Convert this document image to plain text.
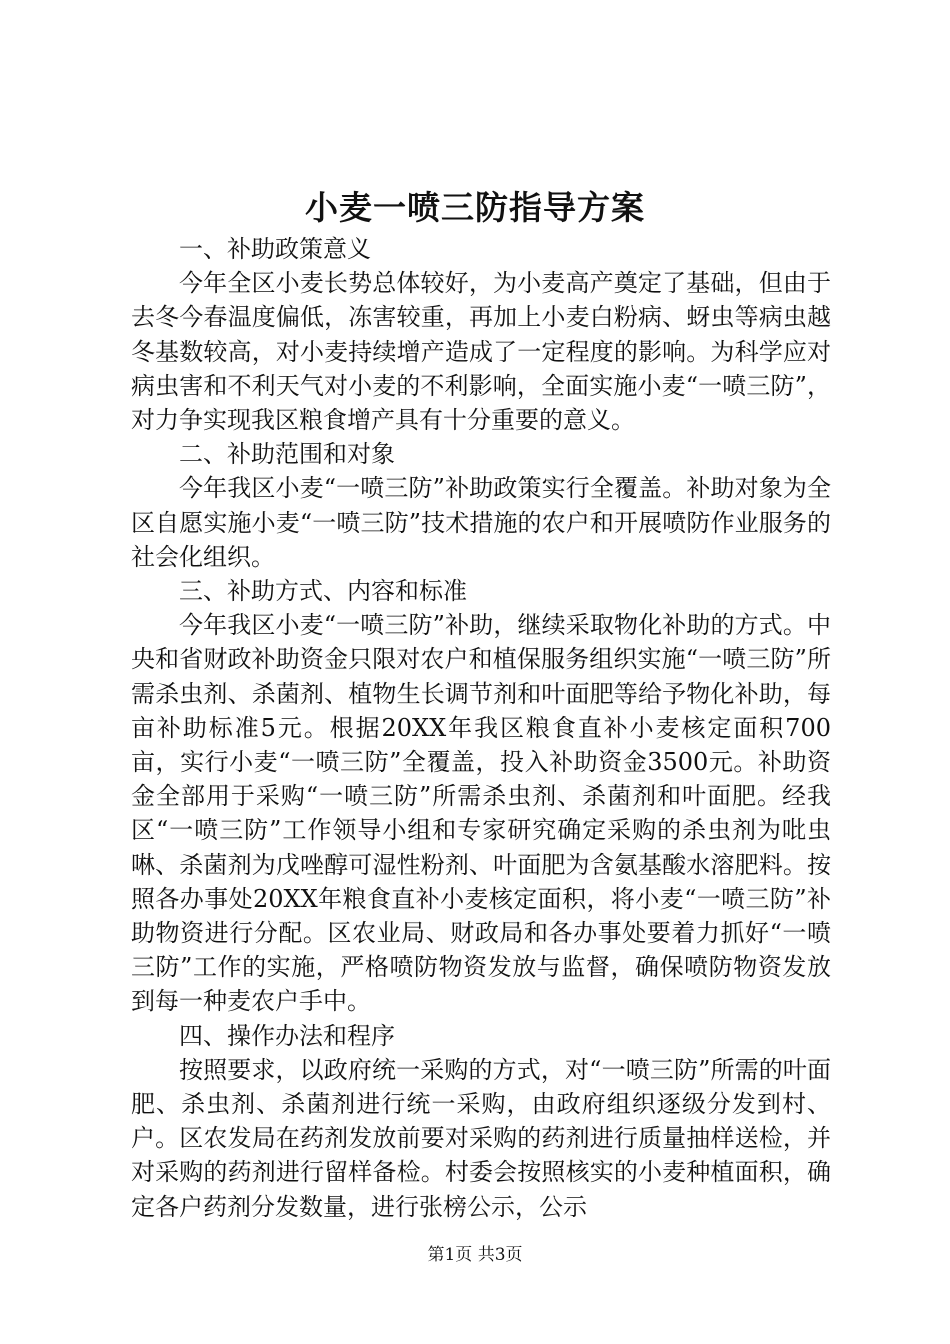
小麦一喷三防指导方案

一、补助政策意义

今年全区小麦长势总体较好，为小麦高产奠定了基础，但由于去冬今春温度偏低，冻害较重，再加上小麦白粉病、蚜虫等病虫越冬基数较高，对小麦持续增产造成了一定程度的影响。为科学应对病虫害和不利天气对小麦的不利影响，全面实施小麦“一喷三防”，对力争实现我区粮食增产具有十分重要的意义。

二、补助范围和对象

今年我区小麦“一喷三防”补助政策实行全覆盖。补助对象为全区自愿实施小麦“一喷三防”技术措施的农户和开展喷防作业服务的社会化组织。

三、补助方式、内容和标准

今年我区小麦“一喷三防”补助，继续采取物化补助的方式。中央和省财政补助资金只限对农户和植保服务组织实施“一喷三防”所需杀虫剂、杀菌剂、植物生长调节剂和叶面肥等给予物化补助，每亩补助标准5元。根据20XX年我区粮食直补小麦核定面积700亩，实行小麦“一喷三防”全覆盖，投入补助资金3500元。补助资金全部用于采购“一喷三防”所需杀虫剂、杀菌剂和叶面肥。经我区“一喷三防”工作领导小组和专家研究确定采购的杀虫剂为吡虫啉、杀菌剂为戊唑醇可湿性粉剂、叶面肥为含氨基酸水溶肥料。按照各办事处20XX年粮食直补小麦核定面积，将小麦“一喷三防”补助物资进行分配。区农业局、财政局和各办事处要着力抓好“一喷三防”工作的实施，严格喷防物资发放与监督，确保喷防物资发放到每一种麦农户手中。

四、操作办法和程序

按照要求，以政府统一采购的方式，对“一喷三防”所需的叶面肥、杀虫剂、杀菌剂进行统一采购，由政府组织逐级分发到村、户。区农发局在药剂发放前要对采购的药剂进行质量抽样送检，并对采购的药剂进行留样备检。村委会按照核实的小麦种植面积，确定各户药剂分发数量，进行张榜公示，公示

第1页 共3页
